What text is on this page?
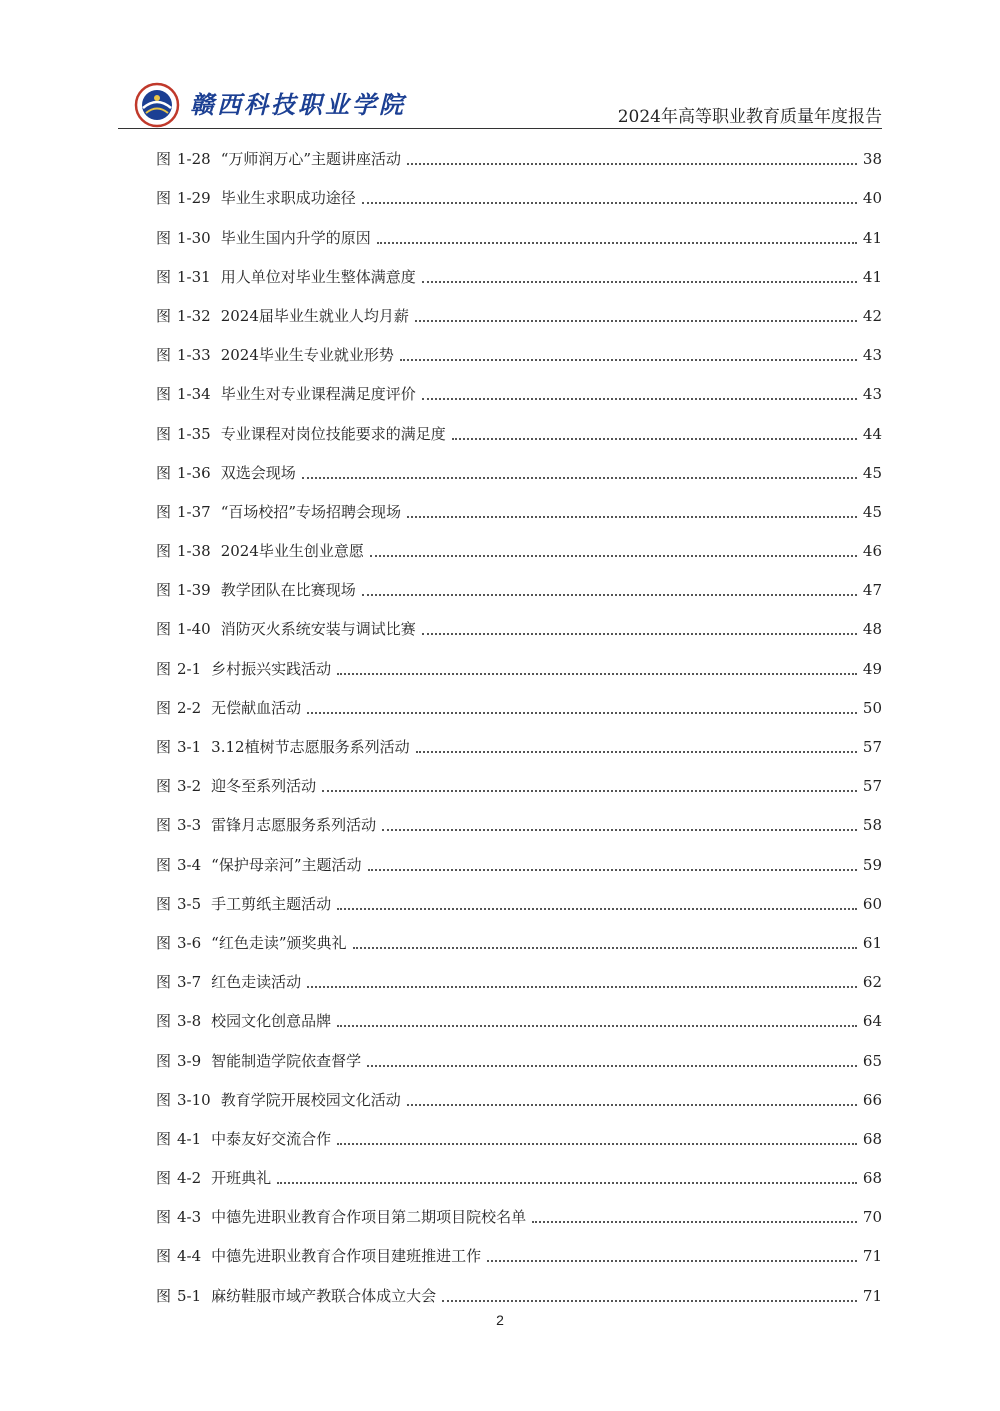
赣西科技职业学院	2024年高等职业教育质量年度报告
图 1-28 “万师润万心”主题讲座活动	38
图 1-29 毕业生求职成功途径	40
图 1-30 毕业生国内升学的原因	41
图 1-31 用人单位对毕业生整体满意度	41
图 1-32 2024届毕业生就业人均月薪	42
图 1-33 2024毕业生专业就业形势	43
图 1-34 毕业生对专业课程满足度评价	43
图 1-35 专业课程对岗位技能要求的满足度	44
图 1-36 双选会现场	45
图 1-37 “百场校招”专场招聘会现场	45
图 1-38 2024毕业生创业意愿	46
图 1-39 教学团队在比赛现场	47
图 1-40 消防灭火系统安装与调试比赛	48
图 2-1 乡村振兴实践活动	49
图 2-2 无偿献血活动	50
图 3-1 3.12植树节志愿服务系列活动	57
图 3-2 迎冬至系列活动	57
图 3-3 雷锋月志愿服务系列活动	58
图 3-4 “保护母亲河”主题活动	59
图 3-5 手工剪纸主题活动	60
图 3-6 “红色走读”颁奖典礼	61
图 3-7 红色走读活动	62
图 3-8 校园文化创意品牌	64
图 3-9 智能制造学院依查督学	65
图 3-10 教育学院开展校园文化活动	66
图 4-1 中泰友好交流合作	68
图 4-2 开班典礼	68
图 4-3 中德先进职业教育合作项目第二期项目院校名单	70
图 4-4 中德先进职业教育合作项目建班推进工作	71
图 5-1 麻纺鞋服市域产教联合体成立大会	71
2
